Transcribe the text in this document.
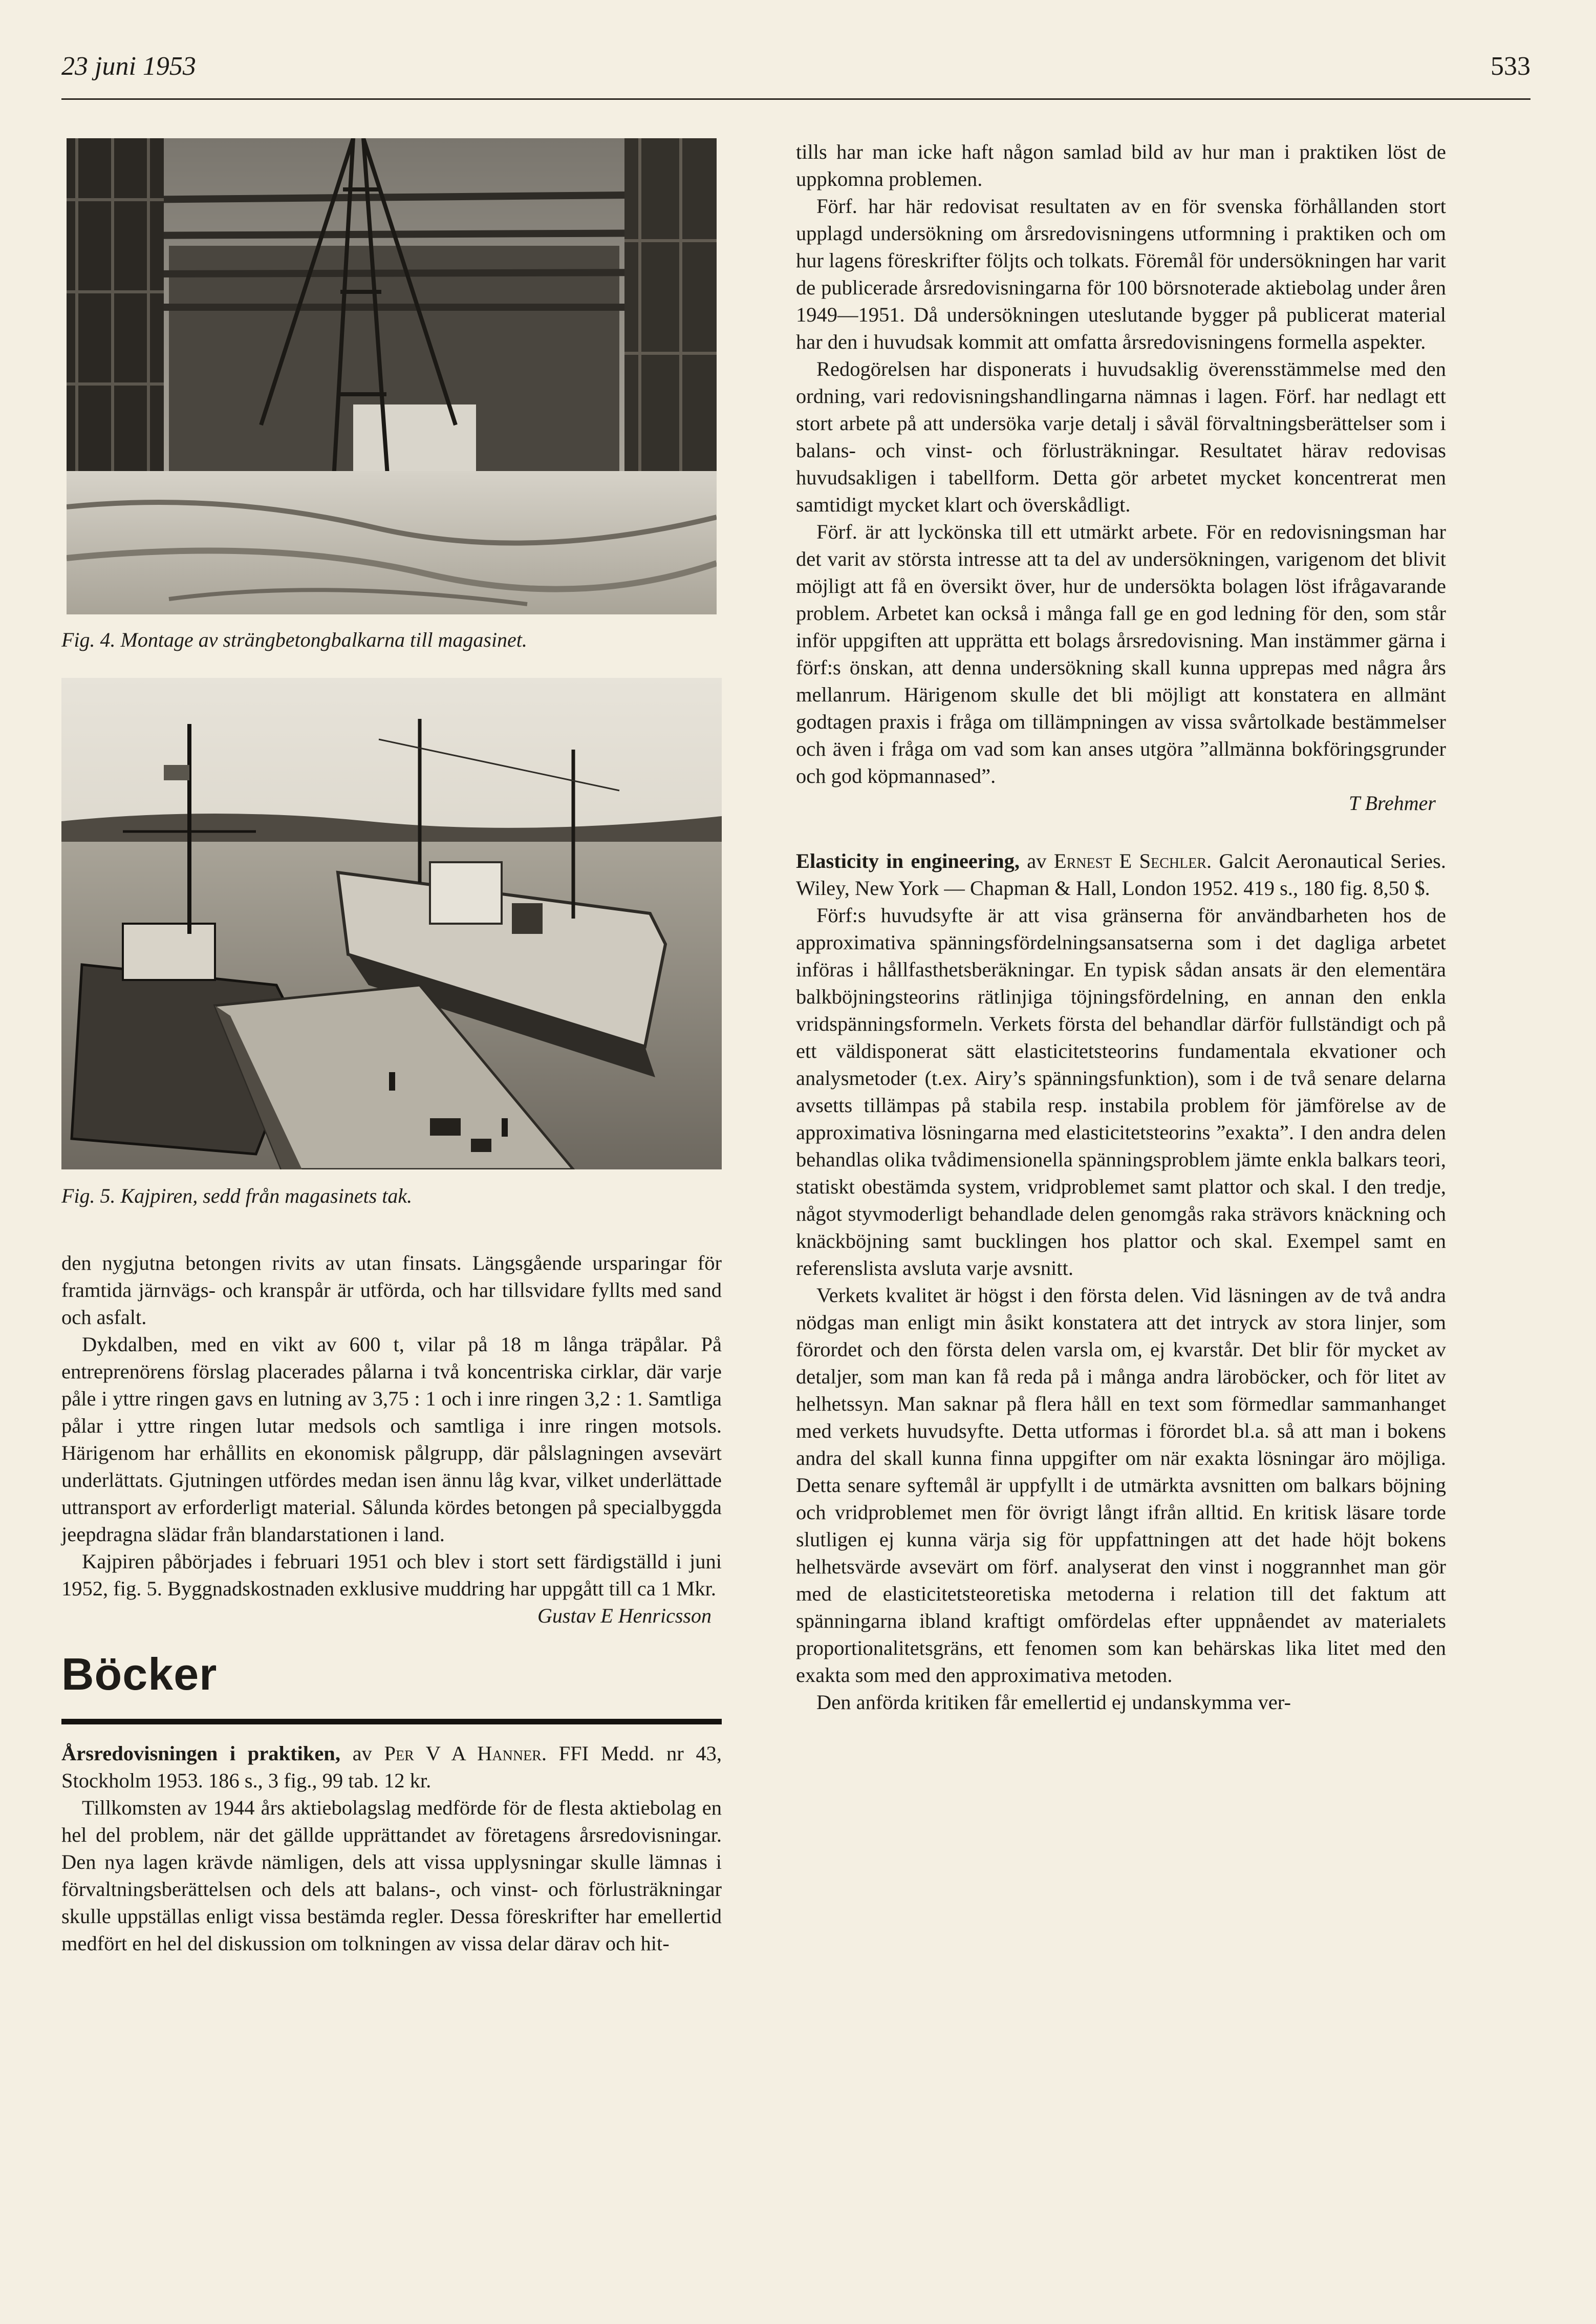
23 juni 1953	533

Fig. 4. Montage av strängbetongbalkarna till magasinet.

Fig. 5. Kajpiren, sedd från magasinets tak.

den nygjutna betongen rivits av utan finsats. Längsgående ursparingar för framtida järnvägs- och kranspår är utförda, och har tillsvidare fyllts med sand och asfalt.

Dykdalben, med en vikt av 600 t, vilar på 18 m långa träpålar. På entreprenörens förslag placerades pålarna i två koncentriska cirklar, där varje påle i yttre ringen gavs en lutning av 3,75 : 1 och i inre ringen 3,2 : 1. Samtliga pålar i yttre ringen lutar medsols och samtliga i inre ringen motsols. Härigenom har erhållits en ekonomisk pålgrupp, där pålslagningen avsevärt underlättats. Gjutningen utfördes medan isen ännu låg kvar, vilket underlättade uttransport av erforderligt material. Sålunda kördes betongen på specialbyggda jeepdragna slädar från blandarstationen i land.

Kajpiren påbörjades i februari 1951 och blev i stort sett färdigställd i juni 1952, fig. 5. Byggnadskostnaden exklusive muddring har uppgått till ca 1 Mkr.

Gustav E Henricsson

Böcker

Årsredovisningen i praktiken, av Per V A Hanner. FFI Medd. nr 43, Stockholm 1953. 186 s., 3 fig., 99 tab. 12 kr.

Tillkomsten av 1944 års aktiebolagslag medförde för de flesta aktiebolag en hel del problem, när det gällde upprättandet av företagens årsredovisningar. Den nya lagen krävde nämligen, dels att vissa upplysningar skulle lämnas i förvaltningsberättelsen och dels att balans-, och vinst- och förlusträkningar skulle uppställas enligt vissa bestämda regler. Dessa föreskrifter har emellertid medfört en hel del diskussion om tolkningen av vissa delar därav och hit-

tills har man icke haft någon samlad bild av hur man i praktiken löst de uppkomna problemen.

Förf. har här redovisat resultaten av en för svenska förhållanden stort upplagd undersökning om årsredovisningens utformning i praktiken och om hur lagens föreskrifter följts och tolkats. Föremål för undersökningen har varit de publicerade årsredovisningarna för 100 börsnoterade aktiebolag under åren 1949—1951. Då undersökningen uteslutande bygger på publicerat material har den i huvudsak kommit att omfatta årsredovisningens formella aspekter.

Redogörelsen har disponerats i huvudsaklig överensstämmelse med den ordning, vari redovisningshandlingarna nämnas i lagen. Förf. har nedlagt ett stort arbete på att undersöka varje detalj i såväl förvaltningsberättelser som i balans- och vinst- och förlusträkningar. Resultatet härav redovisas huvudsakligen i tabellform. Detta gör arbetet mycket koncentrerat men samtidigt mycket klart och överskådligt.

Förf. är att lyckönska till ett utmärkt arbete. För en redovisningsman har det varit av största intresse att ta del av undersökningen, varigenom det blivit möjligt att få en översikt över, hur de undersökta bolagen löst ifrågavarande problem. Arbetet kan också i många fall ge en god ledning för den, som står inför uppgiften att upprätta ett bolags årsredovisning. Man instämmer gärna i förf:s önskan, att denna undersökning skall kunna upprepas med några års mellanrum. Härigenom skulle det bli möjligt att konstatera en allmänt godtagen praxis i fråga om tillämpningen av vissa svårtolkade bestämmelser och även i fråga om vad som kan anses utgöra ”allmänna bokföringsgrunder och god köpmannased”.

T Brehmer

Elasticity in engineering, av Ernest E Sechler. Galcit Aeronautical Series. Wiley, New York — Chapman & Hall, London 1952. 419 s., 180 fig. 8,50 $.

Förf:s huvudsyfte är att visa gränserna för användbarheten hos de approximativa spänningsfördelningsansatserna som i det dagliga arbetet införas i hållfasthetsberäkningar. En typisk sådan ansats är den elementära balkböjningsteorins rätlinjiga töjningsfördelning, en annan den enkla vridspänningsformeln. Verkets första del behandlar därför fullständigt och på ett väldisponerat sätt elasticitetsteorins fundamentala ekvationer och analysmetoder (t.ex. Airy’s spänningsfunktion), som i de två senare delarna avsetts tillämpas på stabila resp. instabila problem för jämförelse av de approximativa lösningarna med elasticitetsteorins ”exakta”. I den andra delen behandlas olika tvådimensionella spänningsproblem jämte enkla balkars teori, statiskt obestämda system, vridproblemet samt plattor och skal. I den tredje, något styvmoderligt behandlade delen genomgås raka strävors knäckning och knäckböjning samt bucklingen hos plattor och skal. Exempel samt en referenslista avsluta varje avsnitt.

Verkets kvalitet är högst i den första delen. Vid läsningen av de två andra nödgas man enligt min åsikt konstatera att det intryck av stora linjer, som förordet och den första delen varsla om, ej kvarstår. Det blir för mycket av detaljer, som man kan få reda på i många andra läroböcker, och för litet av helhetssyn. Man saknar på flera håll en text som förmedlar sammanhanget med verkets huvudsyfte. Detta utformas i förordet bl.a. så att man i bokens andra del skall kunna finna uppgifter om när exakta lösningar äro möjliga. Detta senare syftemål är uppfyllt i de utmärkta avsnitten om balkars böjning och vridproblemet men för övrigt långt ifrån alltid. En kritisk läsare torde slutligen ej kunna värja sig för uppfattningen att det hade höjt bokens helhetsvärde avsevärt om förf. analyserat den vinst i noggrannhet man gör med de elasticitetsteoretiska metoderna i relation till det faktum att spänningarna ibland kraftigt omfördelas efter uppnåendet av materialets proportionalitetsgräns, ett fenomen som kan behärskas lika litet med den exakta som med den approximativa metoden.

Den anförda kritiken får emellertid ej undanskymma ver-
